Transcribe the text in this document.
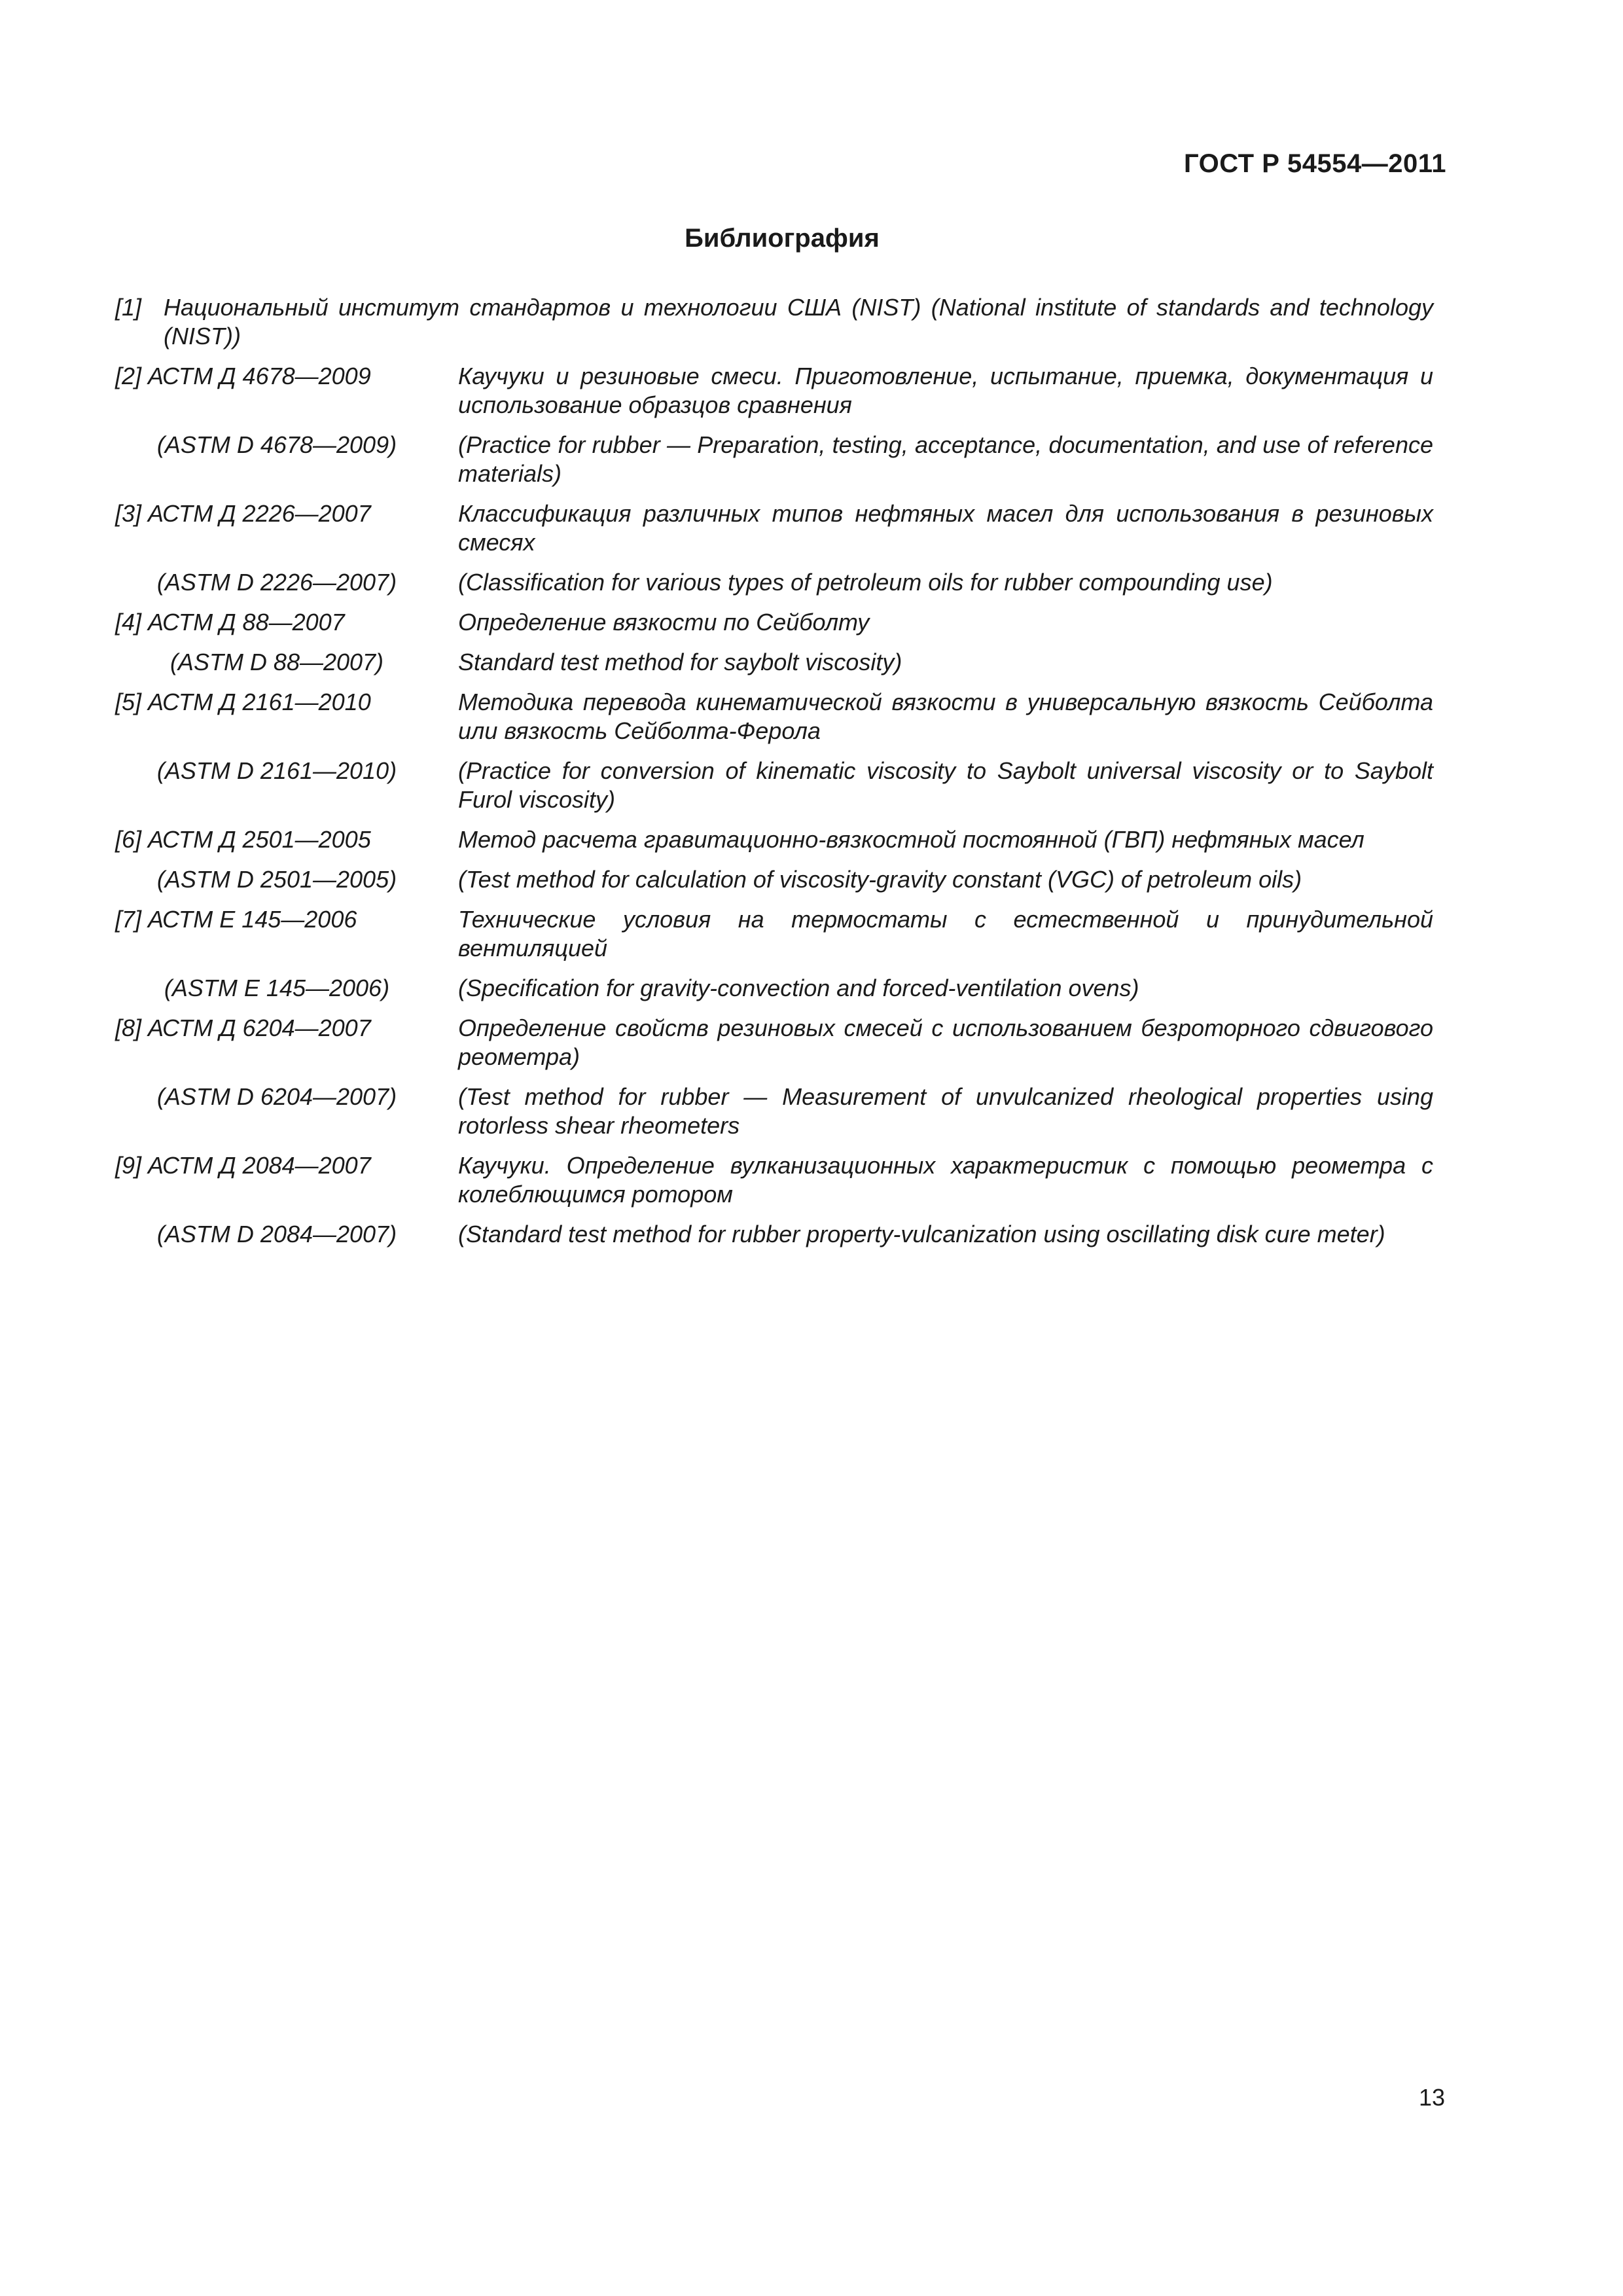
ГОСТ Р 54554—2011

Библиография
[1] Национальный институт стандартов и технологии США (NIST) (National institute of standards and technology (NIST))
[2] АСТМ Д 4678—2009	Каучуки и резиновые смеси. Приготовление, испытание, приемка, документация и использование образцов сравнения
(ASTM D 4678—2009)	(Practice for rubber — Preparation, testing, acceptance, documentation, and use of reference materials)
[3] АСТМ Д 2226—2007	Классификация различных типов нефтяных масел для использования в резиновых смесях
(ASTM D 2226—2007)	(Classification for various types of petroleum oils for rubber compounding use)
[4] АСТМ Д 88—2007	Определение вязкости по Сейболту
(ASTM D 88—2007)	Standard test method for saybolt viscosity)
[5] АСТМ Д 2161—2010	Методика перевода кинематической вязкости в универсальную вязкость Сейболта или вязкость Сейболта-Ферола
(ASTM D 2161—2010)	(Practice for conversion of kinematic viscosity to Saybolt universal viscosity or to Saybolt Furol viscosity)
[6] АСТМ Д 2501—2005	Метод расчета гравитационно-вязкостной постоянной (ГВП) нефтяных масел
(ASTM D 2501—2005)	(Test method for calculation of viscosity-gravity constant (VGC) of petroleum oils)
[7] АСТМ Е 145—2006	Технические условия на термостаты с естественной и принудительной вентиляцией
(ASTM E 145—2006)	(Specification for gravity-convection and forced-ventilation ovens)
[8] АСТМ Д 6204—2007	Определение свойств резиновых смесей с использованием безроторного сдвигового реометра)
(ASTM D 6204—2007)	(Test method for rubber — Measurement of unvulcanized rheological properties using rotorless shear rheometers
[9] АСТМ Д 2084—2007	Каучуки. Определение вулканизационных характеристик с помощью реометра с колеблющимся ротором
(ASTM D 2084—2007)	(Standard test method for rubber property-vulcanization using oscillating disk cure meter)

13
